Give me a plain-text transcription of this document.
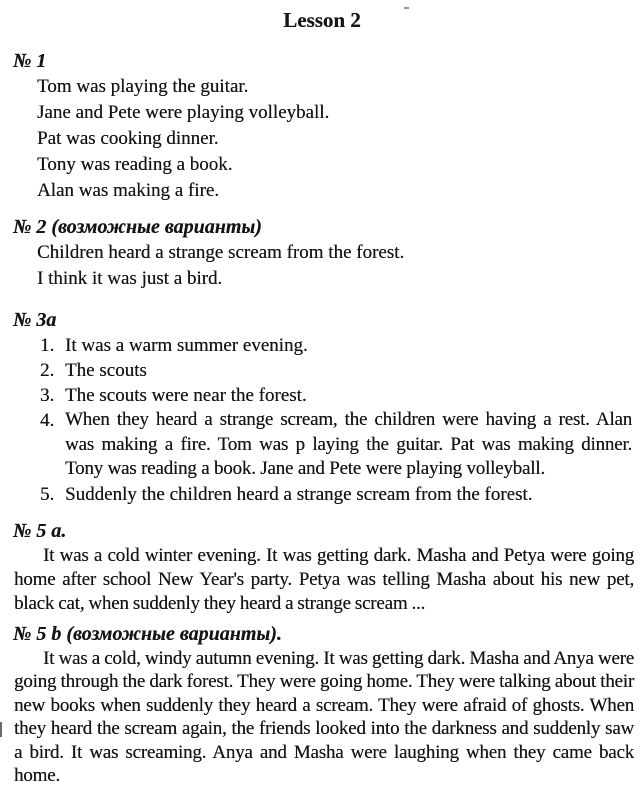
Lesson 2
№ 1
Tom was playing the guitar.
Jane and Pete were playing volleyball.
Pat was cooking dinner.
Tony was reading a book.
Alan was making a fire.
№ 2 (возможные варианты)
Children heard a strange scream from the forest.
I think it was just a bird.
№ 3a
1. It was a warm summer evening.
2. The scouts
3. The scouts were near the forest.
4. When they heard a strange scream, the children were having a rest. Alan was making a fire. Tom was p laying the guitar. Pat was making dinner. Tony was reading a book. Jane and Pete were playing volleyball.
5. Suddenly the children heard a strange scream from the forest.
№ 5 a.
It was a cold winter evening. It was getting dark. Masha and Petya were going home after school New Year's party. Petya was telling Masha about his new pet, black cat, when suddenly they heard a strange scream ...
№ 5 b (возможные варианты).
It was a cold, windy autumn evening. It was getting dark. Masha and Anya were going through the dark forest. They were going home. They were talking about their new books when suddenly they heard a scream. They were afraid of ghosts. When they heard the scream again, the friends looked into the darkness and suddenly saw a bird. It was screaming. Anya and Masha were laughing when they came back home.
